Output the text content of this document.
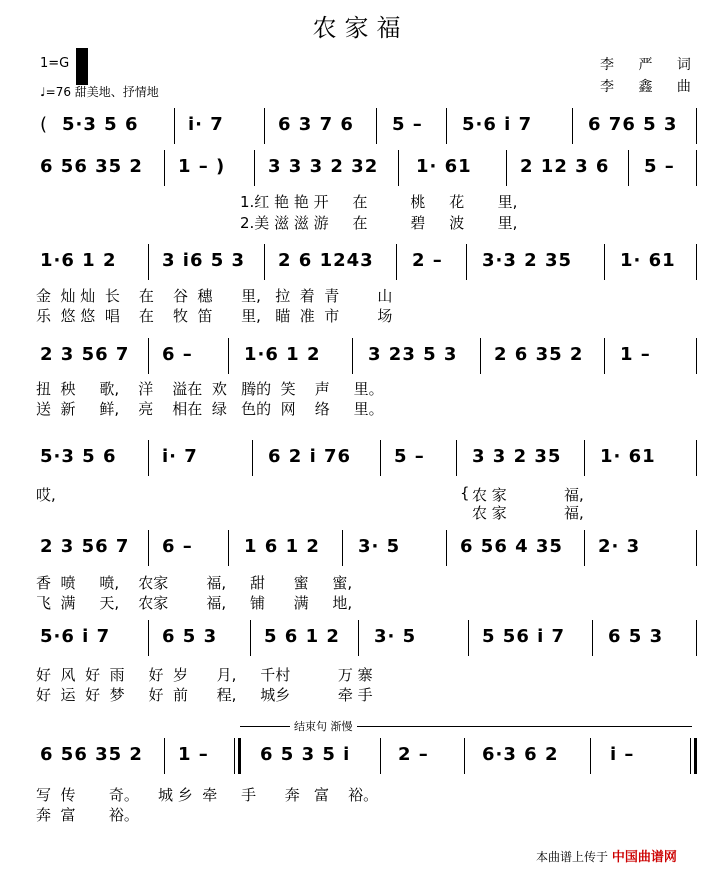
农家福
1=G
♩=76 甜美地、抒情地
李 严 词
李 鑫 曲
( 5·3 5 6	i· 7	6 3 7 6 5 – 5·6 i 7	6 76 5 3
6 56 35 2 1 – ) 3 3 3 2 32 1· 61	2 12 3 6 5 –
1.红 艳 艳 开     在         桃     花       里,
2.美 滋 滋 游     在         碧     波       里,
1·6 1 2	3 i6 5 3 2 6 1243 2 – 3·3 2 35	1· 61
金  灿 灿  长    在    谷  穗      里,   拉  着  青        山
乐  悠 悠  唱    在    牧  笛      里,   瞄  准  市        场
2 3 56 7 6 –	1·6 1 2	3 23 5 3 2 6 35 2 1 –
扭  秧     歌,    洋    溢在  欢   腾的  笑    声     里。
送  新     鲜,    亮    相在  绿   色的  网    络     里。
5·3 5 6	i· 7	6 2 i 76 5 –	3 3 2 35 1· 61
哎,	{ 农 家            福,
农 家            福,
2 3 56 7 6 –	1 6 1 2 3· 5	6 56 4 35 2· 3
香  喷     喷,    农家        福,     甜      蜜     蜜,
飞  满     天,    农家        福,     铺      满     地,
5·6 i 7	6 5 3	5 6 1 2 3· 5	5 56 i 7 6 5 3
好  风  好  雨     好  岁      月,     千村          万 寨
好  运  好  梦     好  前      程,     城乡          牵 手
结束句 渐慢
6 56 35 2 1 –	6 5 3 5 i	2 –	6·3 6 2	i –
写  传       奇。    城 乡  牵     手      奔   富    裕。
奔  富       裕。
本曲谱上传于 中国曲谱网
